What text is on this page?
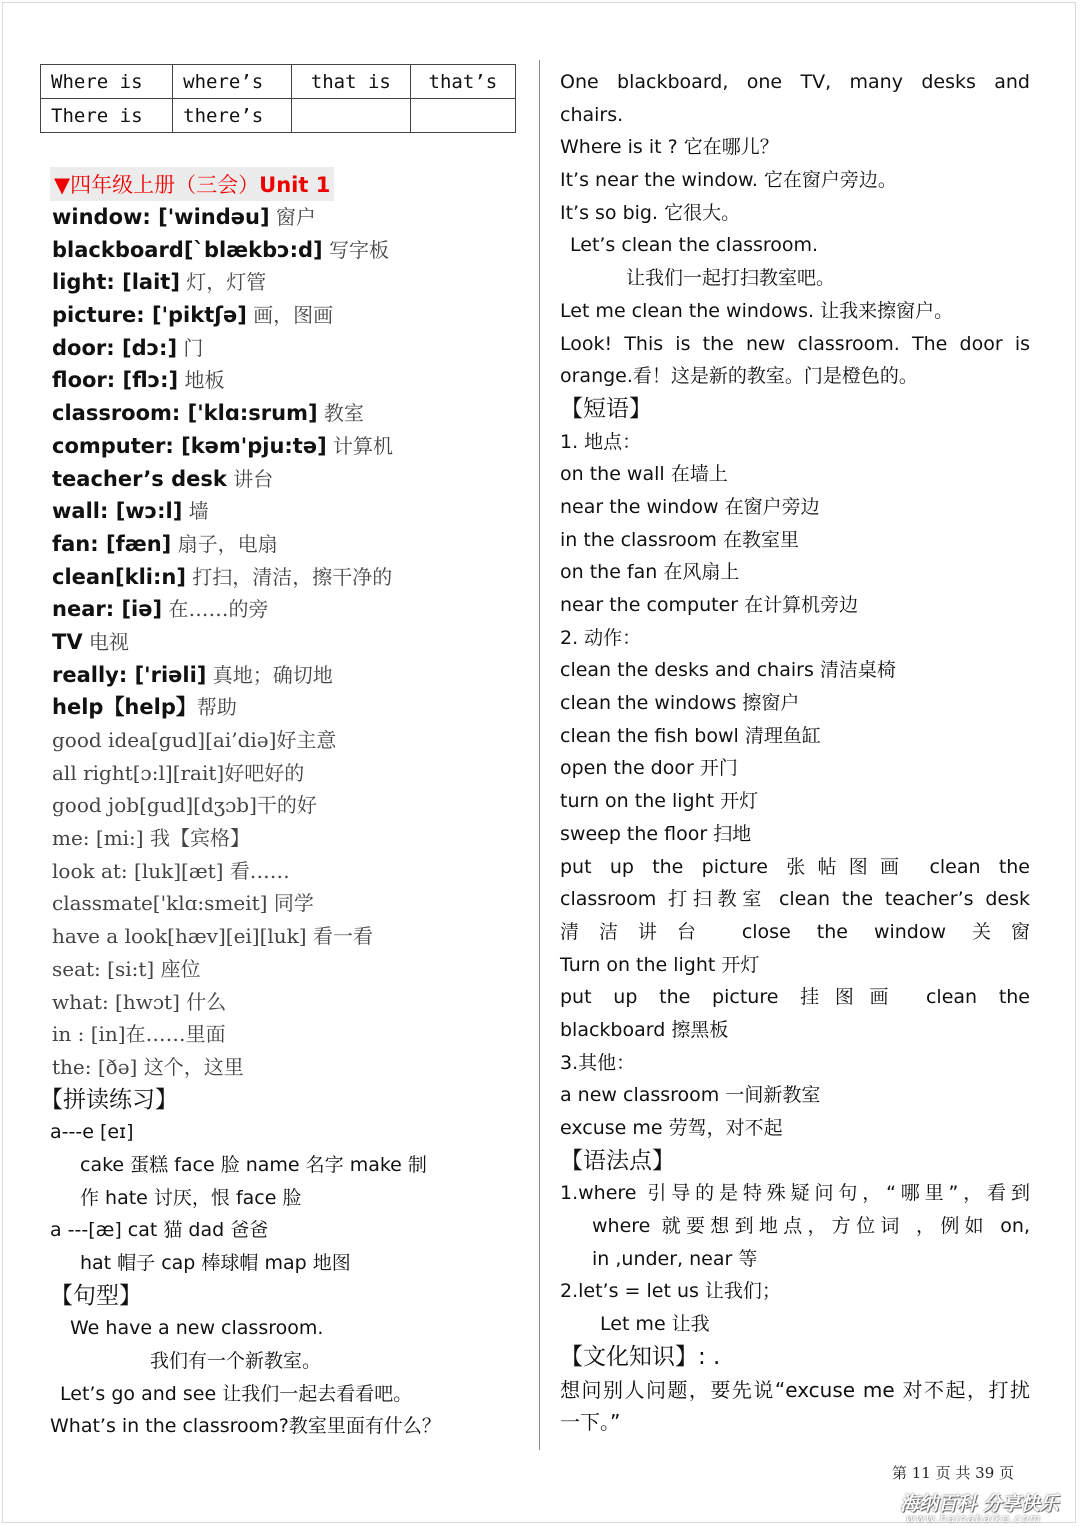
Where is	where’s	that is	that’s
There is	there’s		
▼四年级上册（三会）Unit 1
window: ['windəu] 窗户
blackboard[`blækbɔ:d] 写字板
light: [lait] 灯，灯管
picture: ['piktʃə] 画，图画
door: [dɔ:] 门
floor: [flɔ:] 地板
classroom: ['klɑ:srum] 教室
computer: [kəm'pju:tə] 计算机
teacher’s desk 讲台
wall: [wɔ:l] 墙
fan: [fæn] 扇子，电扇
clean[kli:n] 打扫，清洁，擦干净的
near: [iə] 在……的旁
TV 电视
really: ['riəli] 真地；确切地
help【help】帮助
good idea[gud][ai’diə]好主意
all right[ɔ:l][rait]好吧好的
good job[gud][dʒɔb]干的好
me: [mi:] 我【宾格】
look at: [luk][æt] 看……
classmate['klɑ:smeit] 同学
have a look[hæv][ei][luk] 看一看
seat: [si:t] 座位
what: [hwɔt] 什么
in : [in]在……里面
the: [ðə] 这个，这里
【拼读练习】
a---e [eɪ]
cake 蛋糕 face 脸 name 名字 make 制
作 hate 讨厌，恨 face 脸
a ---[æ] cat 猫 dad 爸爸
hat 帽子 cap 棒球帽 map 地图
【句型】
We have a new classroom.
我们有一个新教室。
Let’s go and see 让我们一起去看看吧。
What’s in the classroom?教室里面有什么？
One blackboard, one TV, many desks and
chairs.
Where is it ? 它在哪儿？
It’s near the window. 它在窗户旁边。
It’s so big. 它很大。
Let’s clean the classroom.
让我们一起打扫教室吧。
Let me clean the windows. 让我来擦窗户。
Look! This is the new classroom. The door is
orange.看！这是新的教室。门是橙色的。
【短语】
1. 地点：
on the wall 在墙上
near the window 在窗户旁边
in the classroom 在教室里
on the fan 在风扇上
near the computer 在计算机旁边
2. 动作：
clean the desks and chairs 清洁桌椅
clean the windows 擦窗户
clean the fish bowl 清理鱼缸
open the door 开门
turn on the light 开灯
sweep the floor 扫地
put up the picture 张帖图画 clean the
classroom 打扫教室 clean the teacher’s desk
清洁讲台 close the window 关窗
Turn on the light 开灯
put up the picture 挂图画 clean the
blackboard 擦黑板
3.其他：
a new classroom 一间新教室
excuse me 劳驾，对不起
【语法点】
1.where 引导的是特殊疑问句，“哪里”，看到
where 就要想到地点，方位词 ，例如 on,
in ,under, near 等
2.let’s = let us 让我们；
Let me 让我
【文化知识】: .
想问别人问题，要先说“excuse me 对不起，打扰
一下。”
第 11 页 共 39 页
海纳百科 分享快乐
www.hainabaike.com
